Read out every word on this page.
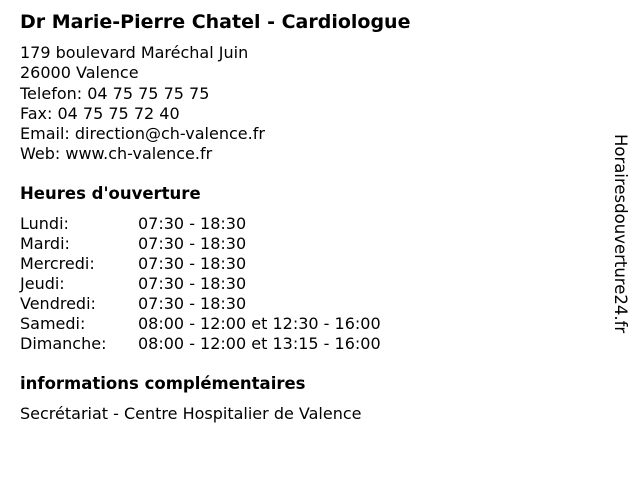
Dr Marie-Pierre Chatel - Cardiologue
179 boulevard Maréchal Juin
26000 Valence
Telefon: 04 75 75 75 75
Fax: 04 75 75 72 40
Email: direction@ch-valence.fr
Web: www.ch-valence.fr
Heures d'ouverture
Lundi:	07:30 - 18:30
Mardi:	07:30 - 18:30
Mercredi:	07:30 - 18:30
Jeudi:	07:30 - 18:30
Vendredi:	07:30 - 18:30
Samedi:	08:00 - 12:00 et 12:30 - 16:00
Dimanche: 08:00 - 12:00 et 13:15 - 16:00
informations complémentaires
Secrétariat - Centre Hospitalier de Valence
Horairesdouverture24.fr
